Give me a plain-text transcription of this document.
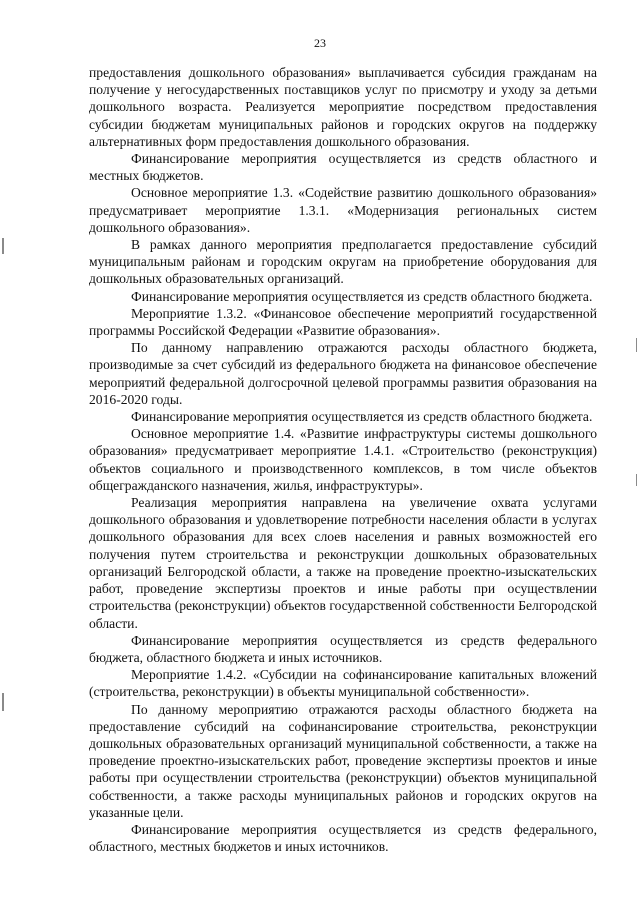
23

предоставления дошкольного образования» выплачивается субсидия гражданам на получение у негосударственных поставщиков услуг по присмотру и уходу за детьми дошкольного возраста. Реализуется мероприятие посредством предоставления субсидии бюджетам муниципальных районов и городских округов на поддержку альтернативных форм предоставления дошкольного образования.

Финансирование мероприятия осуществляется из средств областного и местных бюджетов.

Основное мероприятие 1.3. «Содействие развитию дошкольного образования» предусматривает мероприятие 1.3.1. «Модернизация региональных систем дошкольного образования».

В рамках данного мероприятия предполагается предоставление субсидий муниципальным районам и городским округам на приобретение оборудования для дошкольных образовательных организаций.

Финансирование мероприятия осуществляется из средств областного бюджета.

Мероприятие 1.3.2. «Финансовое обеспечение мероприятий государственной программы Российской Федерации «Развитие образования».

По данному направлению отражаются расходы областного бюджета, производимые за счет субсидий из федерального бюджета на финансовое обеспечение мероприятий федеральной долгосрочной целевой программы развития образования на 2016-2020 годы.

Финансирование мероприятия осуществляется из средств областного бюджета.

Основное мероприятие 1.4. «Развитие инфраструктуры системы дошкольного образования» предусматривает мероприятие 1.4.1. «Строительство (реконструкция) объектов социального и производственного комплексов, в том числе объектов общегражданского назначения, жилья, инфраструктуры».

Реализация мероприятия направлена на увеличение охвата услугами дошкольного образования и удовлетворение потребности населения области в услугах дошкольного образования для всех слоев населения и равных возможностей его получения путем строительства и реконструкции дошкольных образовательных организаций Белгородской области, а также на проведение проектно-изыскательских работ, проведение экспертизы проектов и иные работы при осуществлении строительства (реконструкции) объектов государственной собственности Белгородской области.

Финансирование мероприятия осуществляется из средств федерального бюджета, областного бюджета и иных источников.

Мероприятие 1.4.2. «Субсидии на софинансирование капитальных вложений (строительства, реконструкции) в объекты муниципальной собственности».

По данному мероприятию отражаются расходы областного бюджета на предоставление субсидий на софинансирование строительства, реконструкции дошкольных образовательных организаций муниципальной собственности, а также на проведение проектно-изыскательских работ, проведение экспертизы проектов и иные работы при осуществлении строительства (реконструкции) объектов муниципальной собственности, а также расходы муниципальных районов и городских округов на указанные цели.

Финансирование мероприятия осуществляется из средств федерального, областного, местных бюджетов и иных источников.
